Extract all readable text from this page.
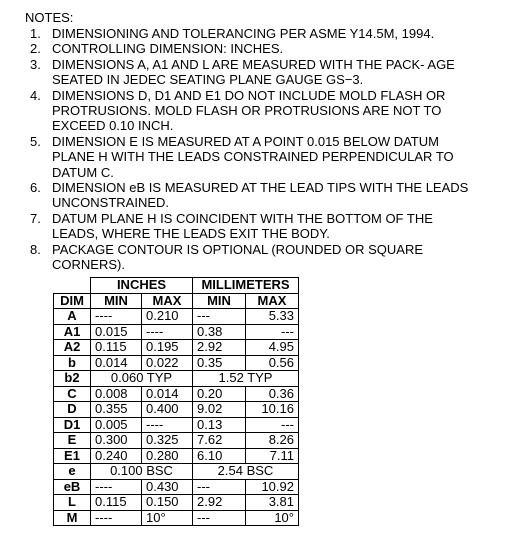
NOTES:
1. DIMENSIONING AND TOLERANCING PER ASME Y14.5M, 1994.
2. CONTROLLING DIMENSION: INCHES.
3. DIMENSIONS A, A1 AND L ARE MEASURED WITH THE PACK- AGE SEATED IN JEDEC SEATING PLANE GAUGE GS−3.
4. DIMENSIONS D, D1 AND E1 DO NOT INCLUDE MOLD FLASH OR PROTRUSIONS. MOLD FLASH OR PROTRUSIONS ARE NOT TO EXCEED 0.10 INCH.
5. DIMENSION E IS MEASURED AT A POINT 0.015 BELOW DATUM PLANE H WITH THE LEADS CONSTRAINED PERPENDICULAR TO DATUM C.
6. DIMENSION eB IS MEASURED AT THE LEAD TIPS WITH THE LEADS UNCONSTRAINED.
7. DATUM PLANE H IS COINCIDENT WITH THE BOTTOM OF THE LEADS, WHERE THE LEADS EXIT THE BODY.
8. PACKAGE CONTOUR IS OPTIONAL (ROUNDED OR SQUARE CORNERS).
	INCHES		MILLIMETERS	
DIM	MIN	MAX	MIN	MAX
A	----	0.210	---	5.33
A1	0.015	----	0.38	---
A2	0.115	0.195	2.92	4.95
b	0.014	0.022	0.35	0.56
b2	0.060 TYP		1.52 TYP	
C	0.008	0.014	0.20	0.36
D	0.355	0.400	9.02	10.16
D1	0.005	----	0.13	---
E	0.300	0.325	7.62	8.26
E1	0.240	0.280	6.10	7.11
e	0.100 BSC		2.54 BSC	
eB	----	0.430	---	10.92
L	0.115	0.150	2.92	3.81
M	----	10°	---	10°
